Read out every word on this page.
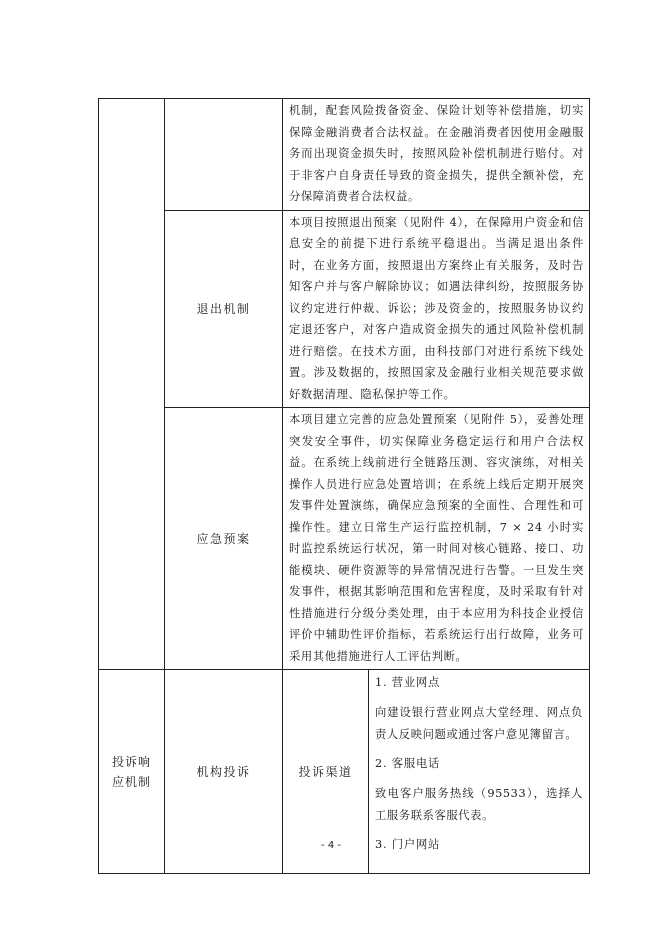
		机制，配套风险拨备资金、保险计划等补偿措施，切实保障金融消费者合法权益。在金融消费者因使用金融服务而出现资金损失时，按照风险补偿机制进行赔付。对于非客户自身责任导致的资金损失，提供全额补偿，充分保障消费者合法权益。	

	退出机制	本项目按照退出预案（见附件 4），在保障用户资金和信息安全的前提下进行系统平稳退出。当满足退出条件时，在业务方面，按照退出方案终止有关服务，及时告知客户并与客户解除协议；如遇法律纠纷，按照服务协议约定进行仲裁、诉讼；涉及资金的，按照服务协议约定退还客户，对客户造成资金损失的通过风险补偿机制进行赔偿。在技术方面，由科技部门对进行系统下线处置。涉及数据的，按照国家及金融行业相关规范要求做好数据清理、隐私保护等工作。	

	应急预案	本项目建立完善的应急处置预案（见附件 5），妥善处理突发安全事件，切实保障业务稳定运行和用户合法权益。在系统上线前进行全链路压测、容灾演练，对相关操作人员进行应急处置培训；在系统上线后定期开展突发事件处置演练，确保应急预案的全面性、合理性和可操作性。建立日常生产运行监控机制，7 × 24 小时实时监控系统运行状况，第一时间对核心链路、接口、功能模块、硬件资源等的异常情况进行告警。一旦发生突发事件，根据其影响范围和危害程度，及时采取有针对性措施进行分级分类处理，由于本应用为科技企业授信评价中辅助性评价指标，若系统运行出行故障，业务可采用其他措施进行人工评估判断。	

投诉响应机制	机构投诉	投诉渠道	1. 营业网点
向建设银行营业网点大堂经理、网点负责人反映问题或通过客户意见簿留言。
2. 客服电话
致电客户服务热线（95533），选择人工服务联系客服代表。
3. 门户网站
- 4 -
